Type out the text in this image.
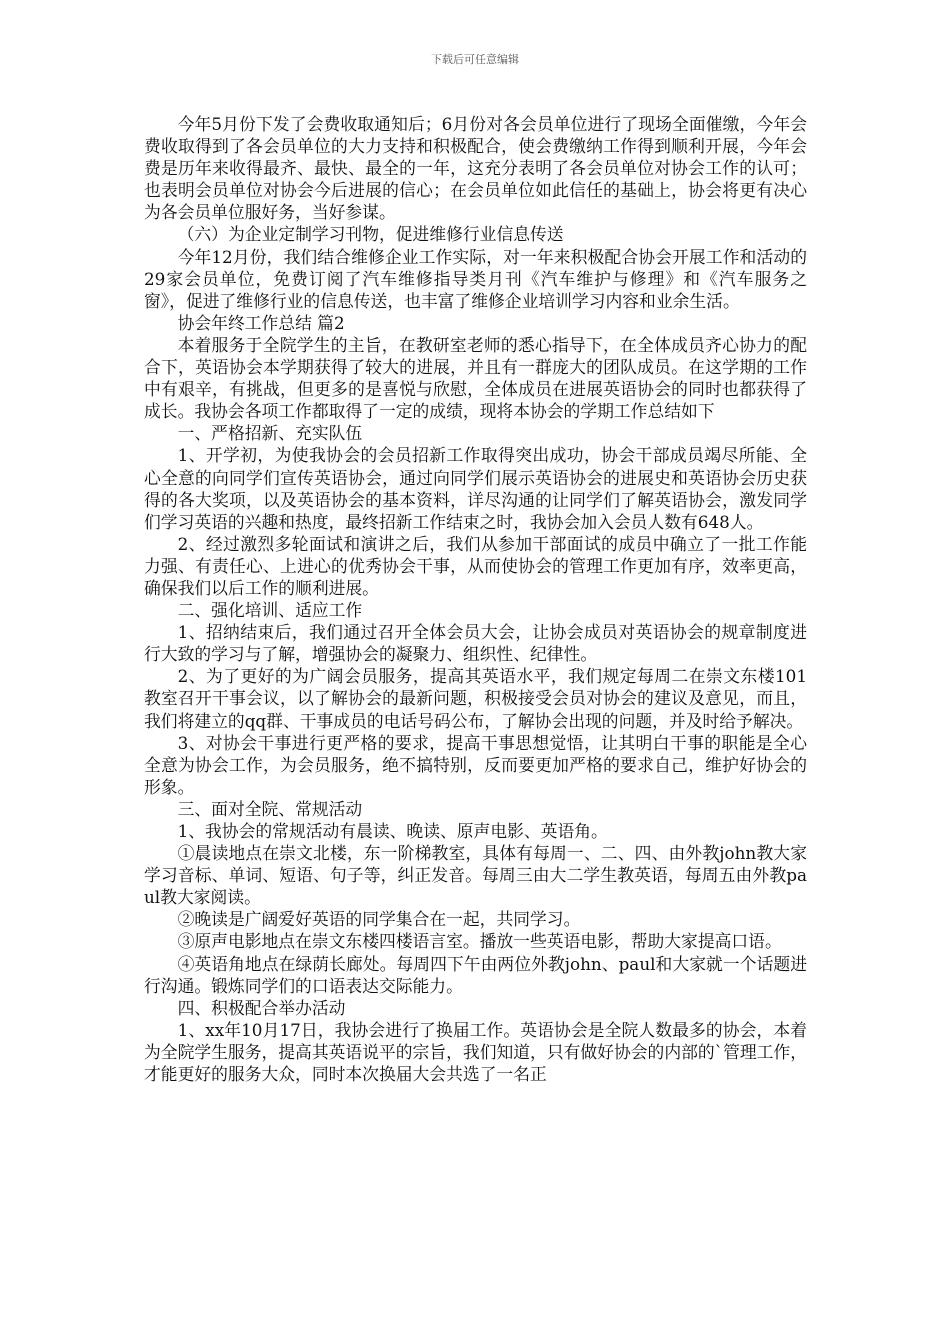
下载后可任意编辑

今年5月份下发了会费收取通知后；6月份对各会员单位进行了现场全面催缴，今年会费收取得到了各会员单位的大力支持和积极配合，使会费缴纳工作得到顺利开展，今年会费是历年来收得最齐、最快、最全的一年，这充分表明了各会员单位对协会工作的认可；也表明会员单位对协会今后进展的信心；在会员单位如此信任的基础上，协会将更有决心为各会员单位服好务，当好参谋。

（六）为企业定制学习刊物，促进维修行业信息传送

今年12月份，我们结合维修企业工作实际，对一年来积极配合协会开展工作和活动的29家会员单位，免费订阅了汽车维修指导类月刊《汽车维护与修理》和《汽车服务之窗》，促进了维修行业的信息传送，也丰富了维修企业培训学习内容和业余生活。

协会年终工作总结 篇2

本着服务于全院学生的主旨，在教研室老师的悉心指导下，在全体成员齐心协力的配合下，英语协会本学期获得了较大的进展，并且有一群庞大的团队成员。在这学期的工作中有艰辛，有挑战，但更多的是喜悦与欣慰，全体成员在进展英语协会的同时也都获得了成长。我协会各项工作都取得了一定的成绩，现将本协会的学期工作总结如下

一、严格招新、充实队伍

1、开学初，为使我协会的会员招新工作取得突出成功，协会干部成员竭尽所能、全心全意的向同学们宣传英语协会，通过向同学们展示英语协会的进展史和英语协会历史获得的各大奖项，以及英语协会的基本资料，详尽沟通的让同学们了解英语协会，激发同学们学习英语的兴趣和热度，最终招新工作结束之时，我协会加入会员人数有648人。

2、经过激烈多轮面试和演讲之后，我们从参加干部面试的成员中确立了一批工作能力强、有责任心、上进心的优秀协会干事，从而使协会的管理工作更加有序，效率更高，确保我们以后工作的顺利进展。

二、强化培训、适应工作

1、招纳结束后，我们通过召开全体会员大会，让协会成员对英语协会的规章制度进行大致的学习与了解，增强协会的凝聚力、组织性、纪律性。

2、为了更好的为广阔会员服务，提高其英语水平，我们规定每周二在崇文东楼101教室召开干事会议，以了解协会的最新问题，积极接受会员对协会的建议及意见，而且，我们将建立的qq群、干事成员的电话号码公布，了解协会出现的问题，并及时给予解决。

3、对协会干事进行更严格的要求，提高干事思想觉悟，让其明白干事的职能是全心全意为协会工作，为会员服务，绝不搞特别，反而要更加严格的要求自己，维护好协会的形象。

三、面对全院、常规活动

1、我协会的常规活动有晨读、晚读、原声电影、英语角。

①晨读地点在崇文北楼，东一阶梯教室，具体有每周一、二、四、由外教john教大家学习音标、单词、短语、句子等，纠正发音。每周三由大二学生教英语，每周五由外教paul教大家阅读。

②晚读是广阔爱好英语的同学集合在一起，共同学习。

③原声电影地点在崇文东楼四楼语言室。播放一些英语电影，帮助大家提高口语。

④英语角地点在绿荫长廊处。每周四下午由两位外教john、paul和大家就一个话题进行沟通。锻炼同学们的口语表达交际能力。

四、积极配合举办活动

1、xx年10月17日，我协会进行了换届工作。英语协会是全院人数最多的协会，本着为全院学生服务，提高其英语说平的宗旨，我们知道，只有做好协会的内部的`管理工作，才能更好的服务大众，同时本次换届大会共选了一名正
